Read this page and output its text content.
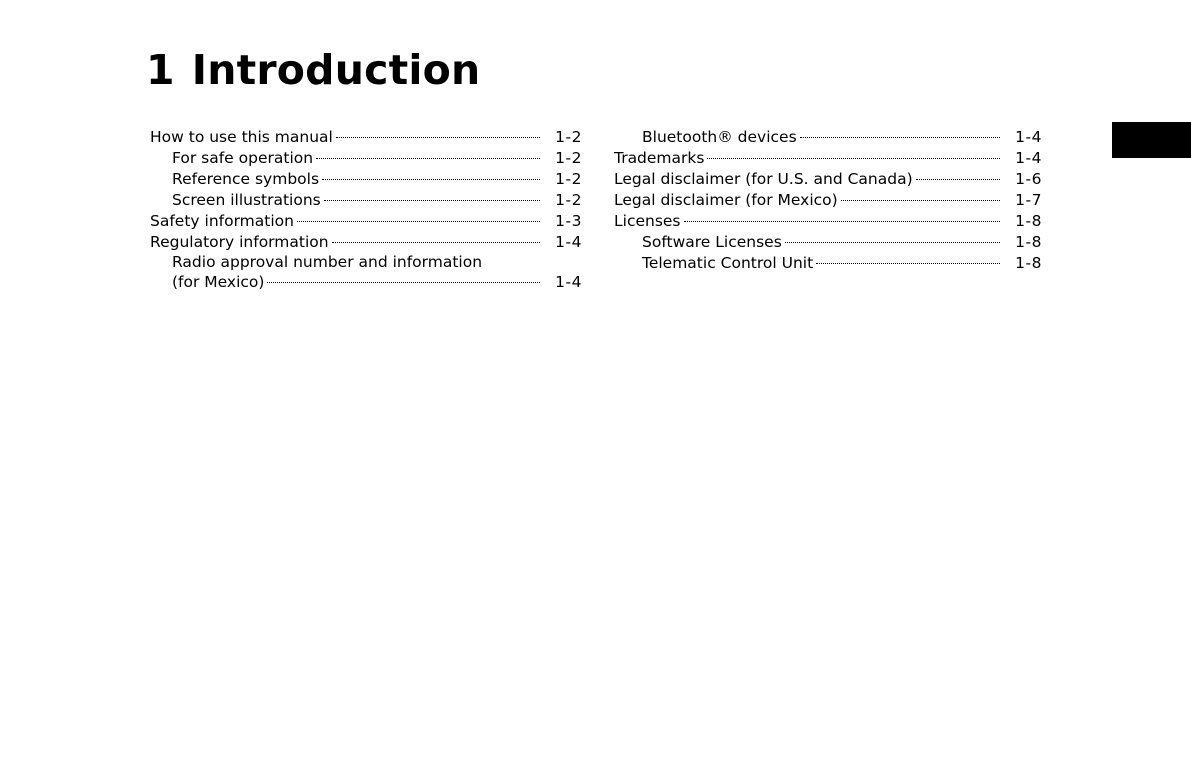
1 Introduction
How to use this manual	1-2
For safe operation	1-2
Reference symbols	1-2
Screen illustrations	1-2
Safety information	1-3
Regulatory information	1-4
Radio approval number and information
(for Mexico)	1-4
Bluetooth® devices	1-4
Trademarks	1-4
Legal disclaimer (for U.S. and Canada)	1-6
Legal disclaimer (for Mexico)	1-7
Licenses	1-8
Software Licenses	1-8
Telematic Control Unit	1-8
